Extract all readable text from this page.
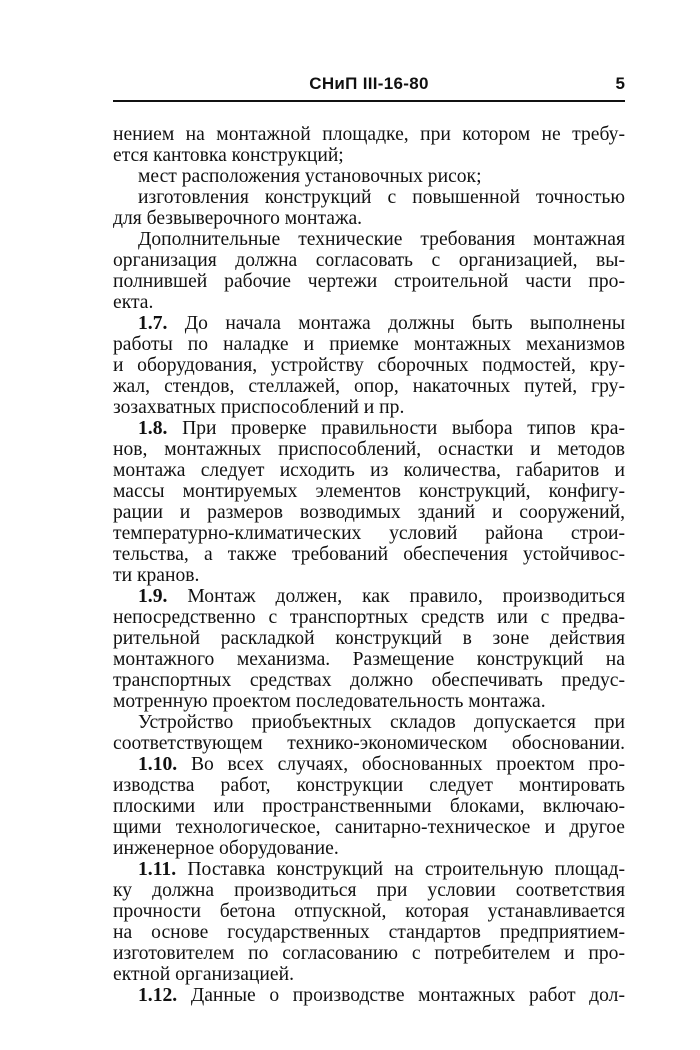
СНиП III-16-80	5
нением на монтажной площадке, при котором не требу-
ется кантовка конструкций;
мест расположения установочных рисок;
изготовления конструкций с повышенной точностью
для безвыверочного монтажа.
Дополнительные технические требования монтажная
организация должна согласовать с организацией, вы-
полнившей рабочие чертежи строительной части про-
екта.
1.7. До начала монтажа должны быть выполнены
работы по наладке и приемке монтажных механизмов
и оборудования, устройству сборочных подмостей, кру-
жал, стендов, стеллажей, опор, накаточных путей, гру-
зозахватных приспособлений и пр.
1.8. При проверке правильности выбора типов кра-
нов, монтажных приспособлений, оснастки и методов
монтажа следует исходить из количества, габаритов и
массы монтируемых элементов конструкций, конфигу-
рации и размеров возводимых зданий и сооружений,
температурно-климатических условий района строи-
тельства, а также требований обеспечения устойчивос-
ти кранов.
1.9. Монтаж должен, как правило, производиться
непосредственно с транспортных средств или с предва-
рительной раскладкой конструкций в зоне действия
монтажного механизма. Размещение конструкций на
транспортных средствах должно обеспечивать предус-
мотренную проектом последовательность монтажа.
Устройство приобъектных складов допускается при
соответствующем технико-экономическом обосновании.
1.10. Во всех случаях, обоснованных проектом про-
изводства работ, конструкции следует монтировать
плоскими или пространственными блоками, включаю-
щими технологическое, санитарно-техническое и другое
инженерное оборудование.
1.11. Поставка конструкций на строительную площад-
ку должна производиться при условии соответствия
прочности бетона отпускной, которая устанавливается
на основе государственных стандартов предприятием-
изготовителем по согласованию с потребителем и про-
ектной организацией.
1.12. Данные о производстве монтажных работ дол-
